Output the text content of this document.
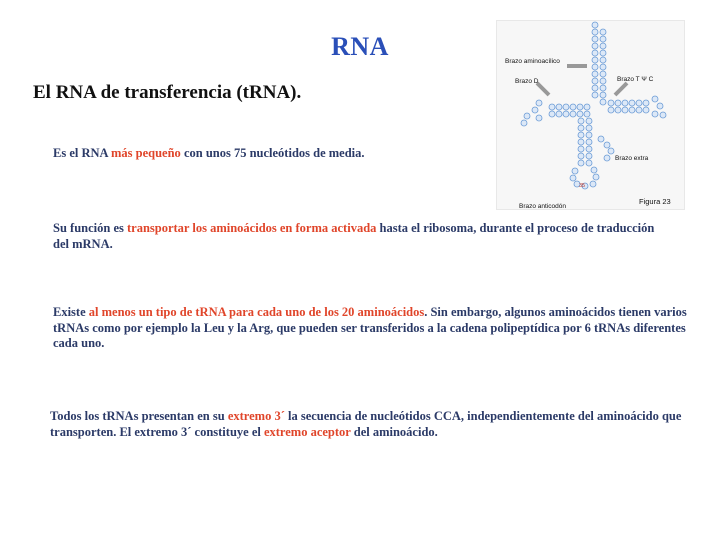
RNA
El RNA de transferencia (tRNA).
Brazo aminoacílico
Brazo D	Brazo T Ψ C
Brazo extra
Brazo anticodón
Figura 23
35
Es el RNA más pequeño con unos 75 nucleótidos de media.
Su función es transportar los aminoácidos en forma activada hasta el ribosoma, durante el proceso de traducción del mRNA.
Existe al menos un tipo de tRNA para cada uno de los 20 aminoácidos. Sin embargo, algunos aminoácidos tienen varios tRNAs como por ejemplo la Leu y la Arg, que pueden ser transferidos a la cadena polipeptídica por 6 tRNAs diferentes cada uno.
Todos los tRNAs presentan en su extremo 3´ la secuencia de nucleótidos CCA, independientemente del aminoácido que transporten. El extremo 3´ constituye el extremo aceptor del aminoácido.
